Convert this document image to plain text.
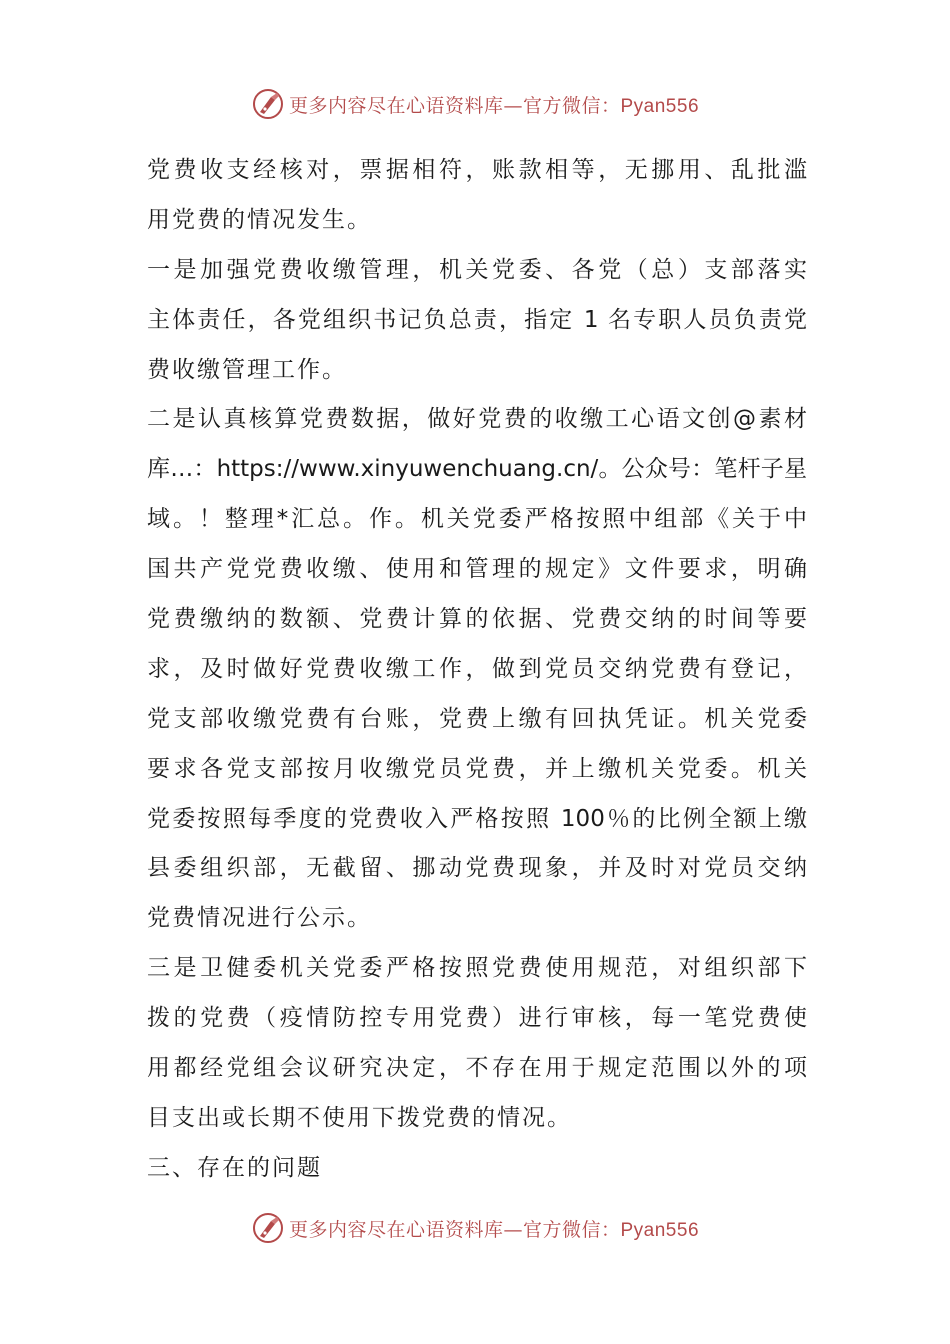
更多内容尽在心语资料库—官方微信：Pyan556
党费收支经核对，票据相符，账款相等，无挪用、乱批滥
用党费的情况发生。
一是加强党费收缴管理，机关党委、各党（总）支部落实
主体责任，各党组织书记负总责，指定 1 名专职人员负责党
费收缴管理工作。
二是认真核算党费数据，做好党费的收缴工心语文创@素材
库…：https://www.xinyuwenchuang.cn/。公众号：笔杆子星
域。！整理*汇总。作。机关党委严格按照中组部《关于中
国共产党党费收缴、使用和管理的规定》文件要求，明确
党费缴纳的数额、党费计算的依据、党费交纳的时间等要
求，及时做好党费收缴工作，做到党员交纳党费有登记，
党支部收缴党费有台账，党费上缴有回执凭证。机关党委
要求各党支部按月收缴党员党费，并上缴机关党委。机关
党委按照每季度的党费收入严格按照 100％的比例全额上缴
县委组织部，无截留、挪动党费现象，并及时对党员交纳
党费情况进行公示。
三是卫健委机关党委严格按照党费使用规范，对组织部下
拨的党费（疫情防控专用党费）进行审核，每一笔党费使
用都经党组会议研究决定，不存在用于规定范围以外的项
目支出或长期不使用下拨党费的情况。
三、存在的问题
更多内容尽在心语资料库—官方微信：Pyan556
